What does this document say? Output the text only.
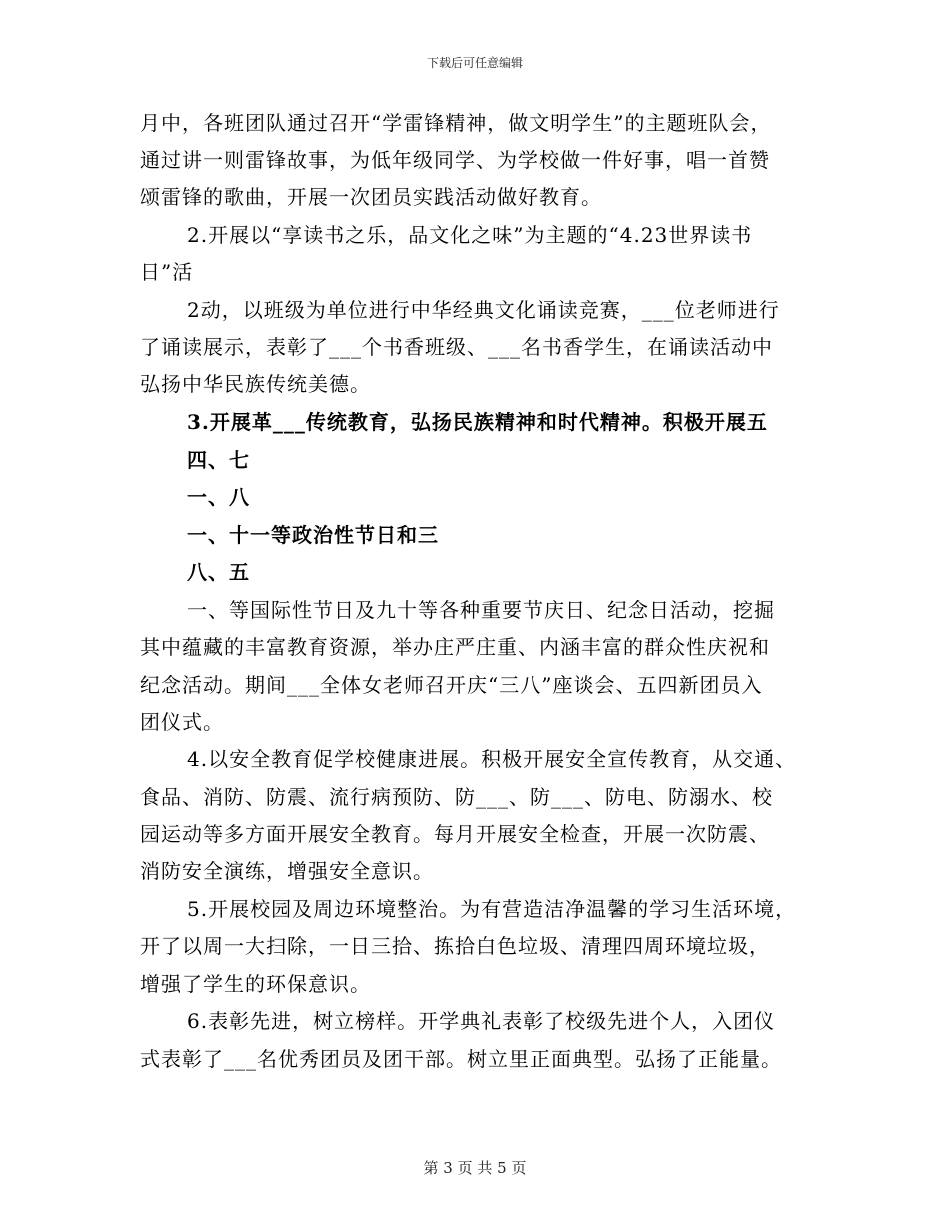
下载后可任意编辑
月中，各班团队通过召开“学雷锋精神，做文明学生”的主题班队会，
通过讲一则雷锋故事，为低年级同学、为学校做一件好事，唱一首赞
颂雷锋的歌曲，开展一次团员实践活动做好教育。
2.开展以“享读书之乐，品文化之味”为主题的“4.23世界读书
日”活
2动，以班级为单位进行中华经典文化诵读竞赛，___位老师进行
了诵读展示，表彰了___个书香班级、___名书香学生，在诵读活动中
弘扬中华民族传统美德。
3.开展革___传统教育，弘扬民族精神和时代精神。积极开展五
四、七
一、八
一、十一等政治性节日和三
八、五
一、等国际性节日及九十等各种重要节庆日、纪念日活动，挖掘
其中蕴藏的丰富教育资源，举办庄严庄重、内涵丰富的群众性庆祝和
纪念活动。期间___全体女老师召开庆“三八”座谈会、五四新团员入
团仪式。
4.以安全教育促学校健康进展。积极开展安全宣传教育，从交通、
食品、消防、防震、流行病预防、防___、防___、防电、防溺水、校
园运动等多方面开展安全教育。每月开展安全检查，开展一次防震、
消防安全演练，增强安全意识。
5.开展校园及周边环境整治。为有营造洁净温馨的学习生活环境，
开了以周一大扫除，一日三拾、拣拾白色垃圾、清理四周环境垃圾，
增强了学生的环保意识。
6.表彰先进，树立榜样。开学典礼表彰了校级先进个人，入团仪
式表彰了___名优秀团员及团干部。树立里正面典型。弘扬了正能量。
第 3 页 共 5 页
